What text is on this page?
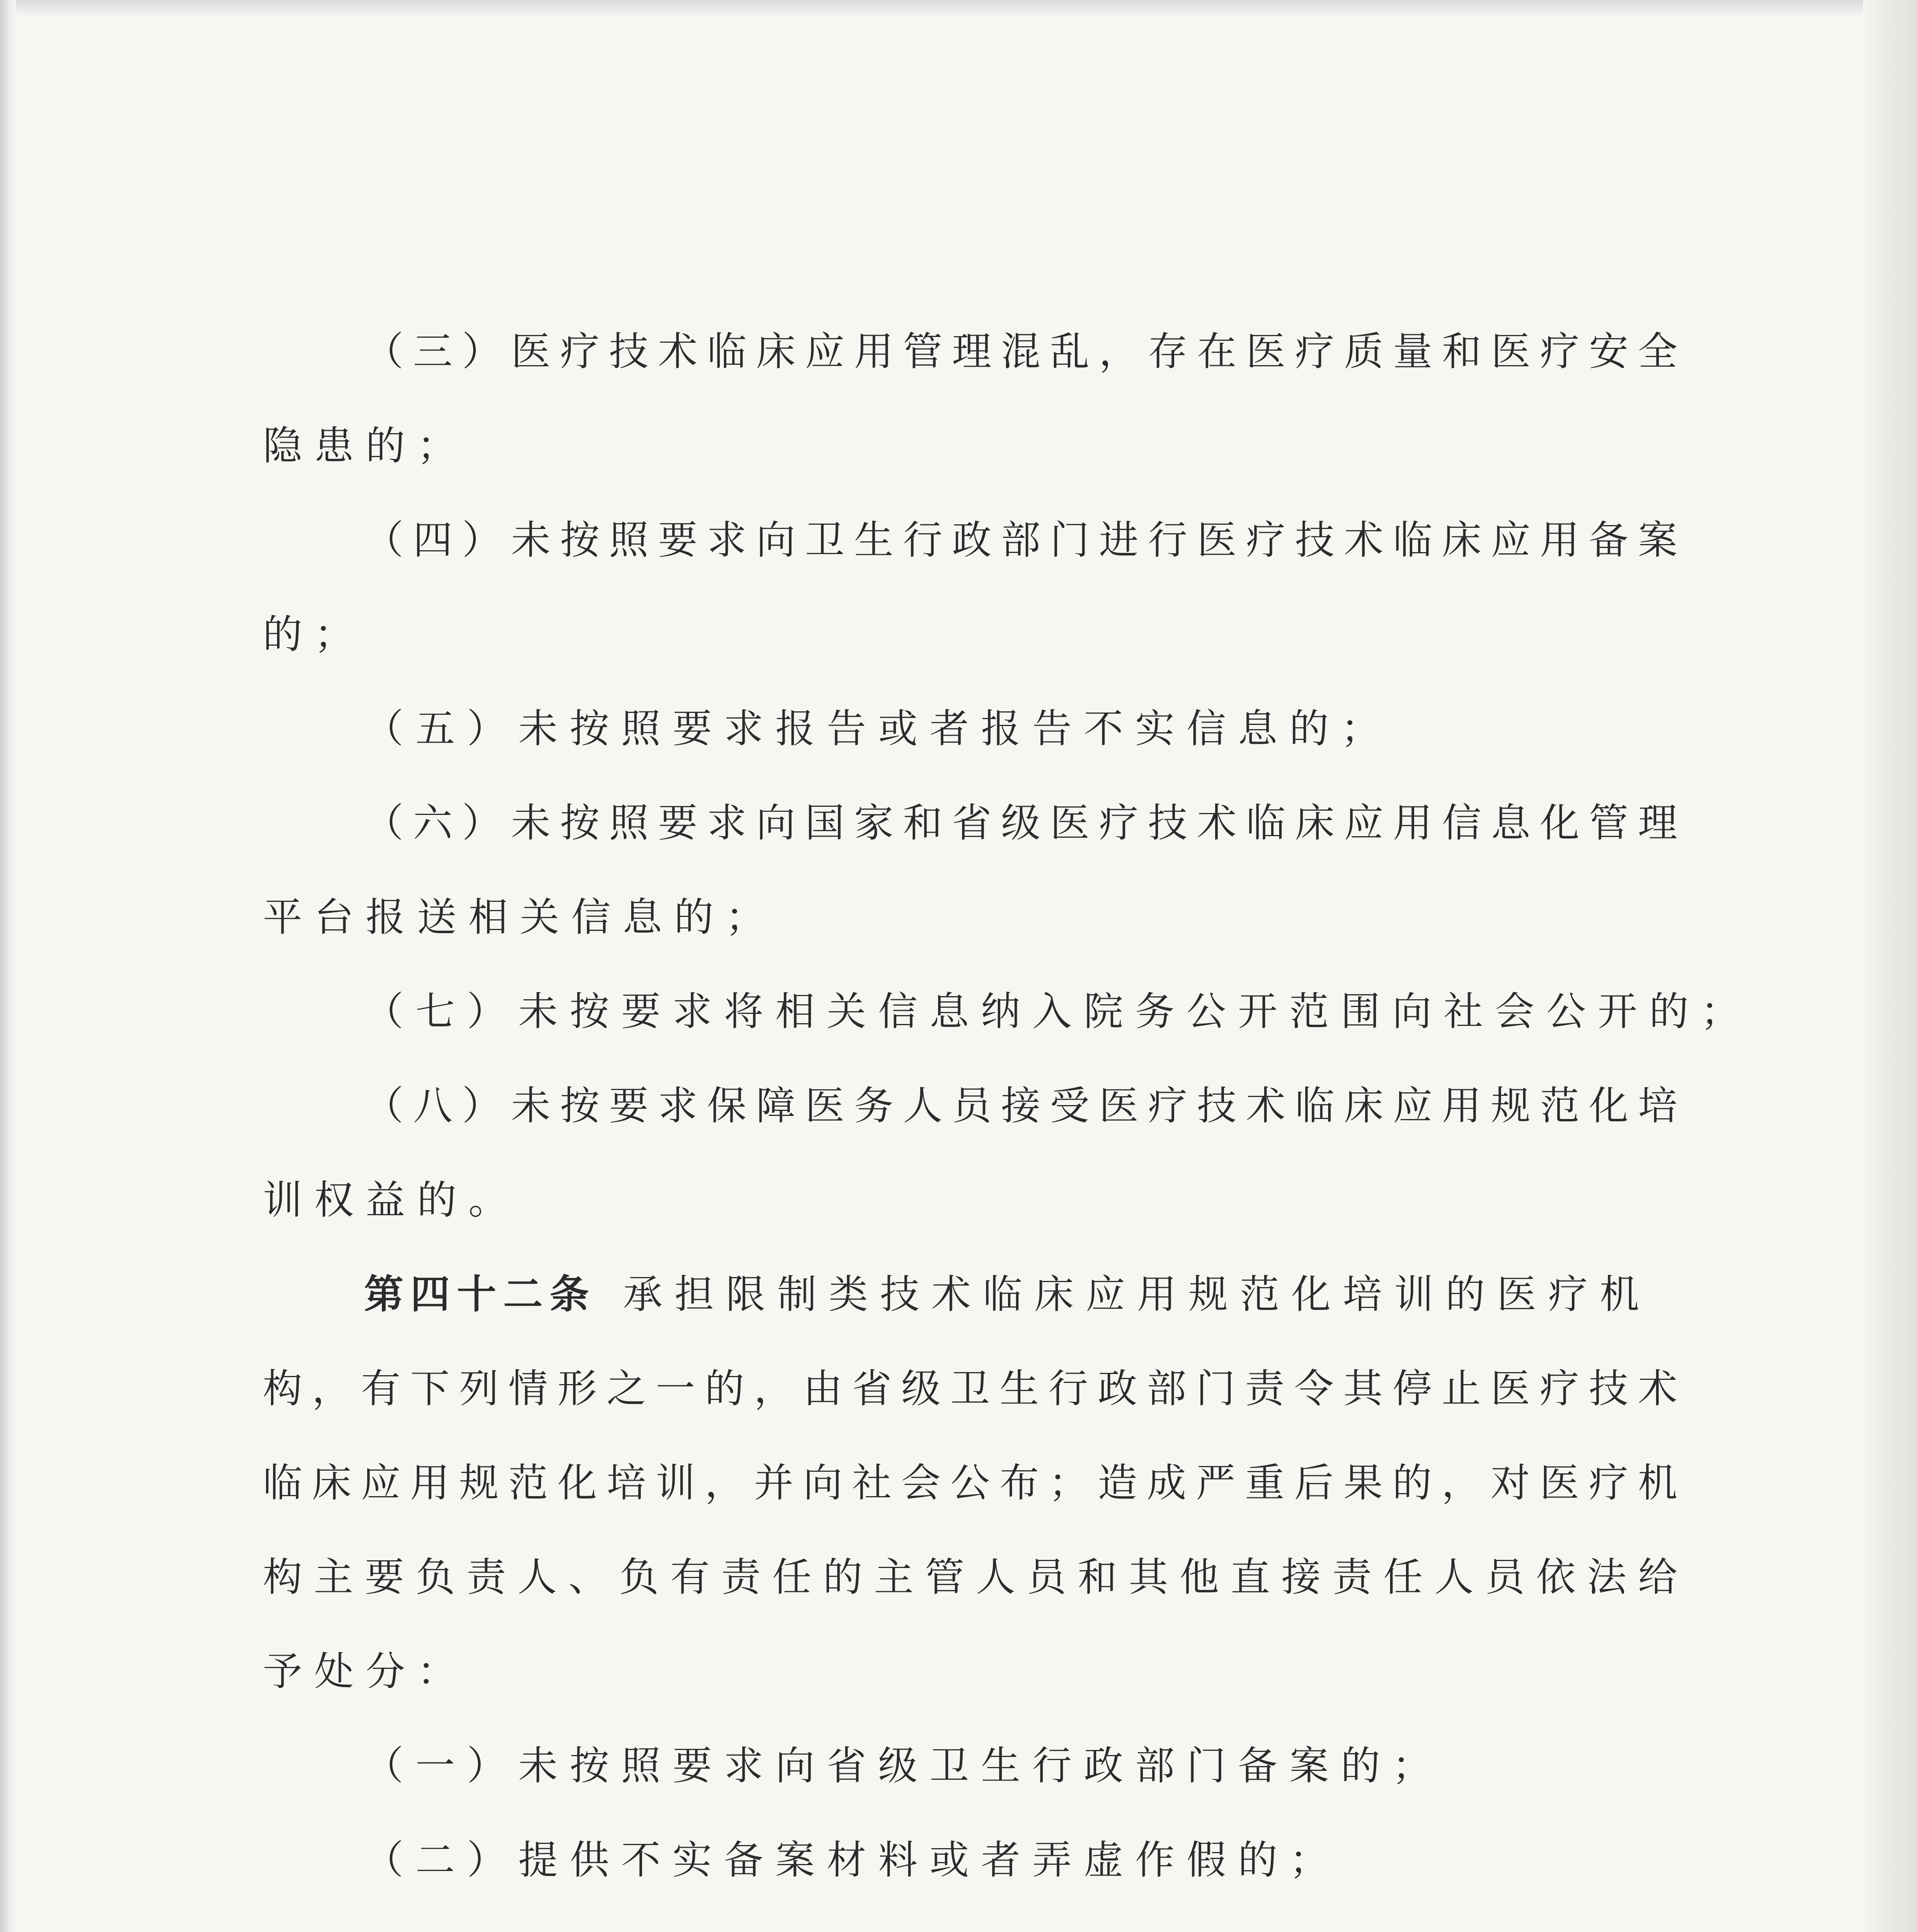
（三）医疗技术临床应用管理混乱，存在医疗质量和医疗安全
隐患的；
（四）未按照要求向卫生行政部门进行医疗技术临床应用备案
的；
（五）未按照要求报告或者报告不实信息的；
（六）未按照要求向国家和省级医疗技术临床应用信息化管理
平台报送相关信息的；
（七）未按要求将相关信息纳入院务公开范围向社会公开的；
（八）未按要求保障医务人员接受医疗技术临床应用规范化培
训权益的。
第四十二条 承担限制类技术临床应用规范化培训的医疗机
构，有下列情形之一的，由省级卫生行政部门责令其停止医疗技术
临床应用规范化培训，并向社会公布；造成严重后果的，对医疗机
构主要负责人、负有责任的主管人员和其他直接责任人员依法给
予处分：
（一）未按照要求向省级卫生行政部门备案的；
（二）提供不实备案材料或者弄虚作假的；
